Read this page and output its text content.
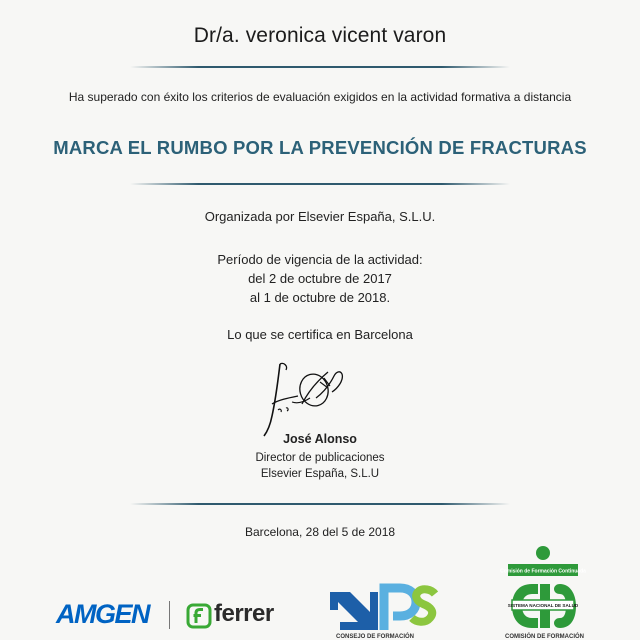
Dr/a. veronica vicent varon
Ha superado con éxito los criterios de evaluación exigidos en la actividad formativa a distancia
MARCA EL RUMBO POR LA PREVENCIÓN DE FRACTURAS
Organizada por Elsevier España, S.L.U.
Período de vigencia de la actividad:
del 2 de octubre de 2017
al 1 de octubre de 2018.
Lo que se certifica en Barcelona
José Alonso
Director de publicaciones
Elsevier España, S.L.U
Barcelona, 28 del 5 de 2018
AMGEN	ferrer
CONSEJO DE FORMACIÓN
Comisión de Formación Continuada
SISTEMA NACIONAL DE SALUD
COMISIÓN DE FORMACIÓN
